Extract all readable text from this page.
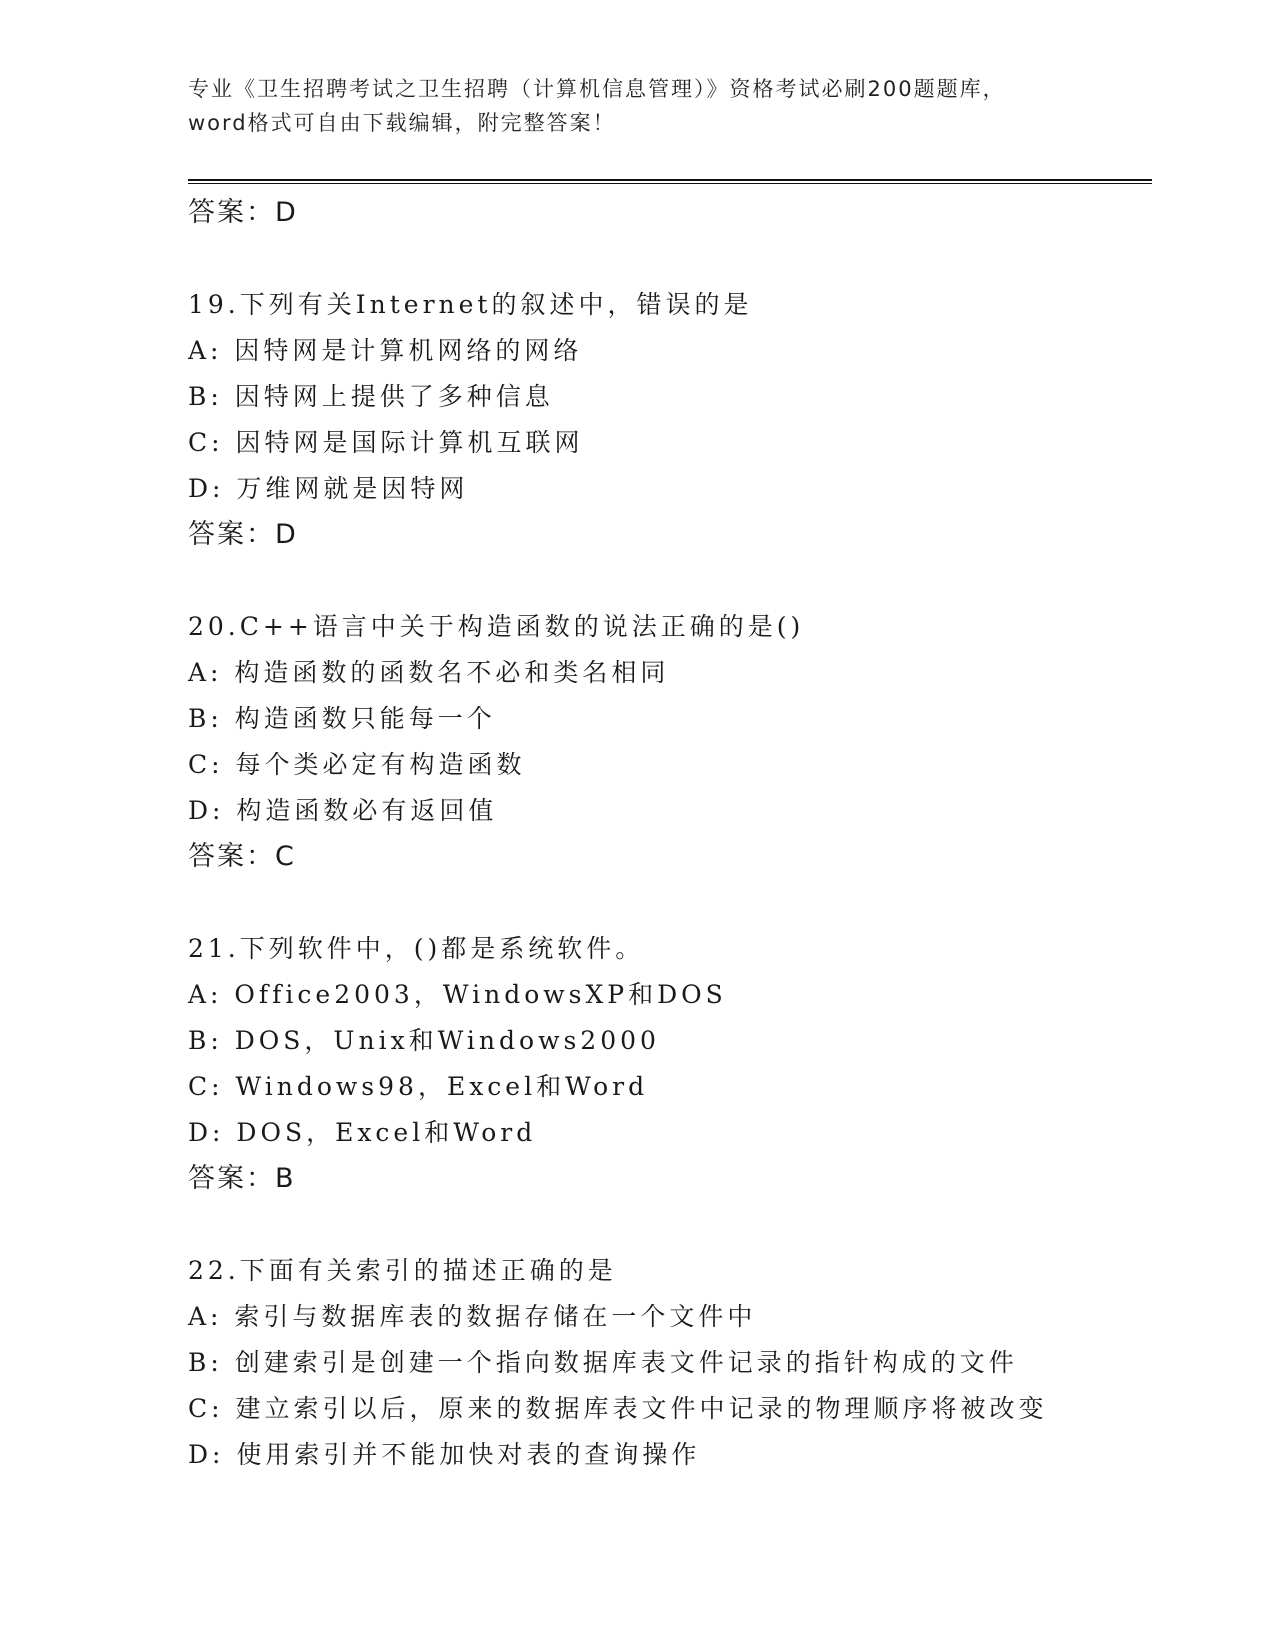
专业《卫生招聘考试之卫生招聘（计算机信息管理）》资格考试必刷200题题库，
word格式可自由下载编辑，附完整答案！
答案：D
19.下列有关Internet的叙述中，错误的是
A: 因特网是计算机网络的网络
B: 因特网上提供了多种信息
C: 因特网是国际计算机互联网
D: 万维网就是因特网
答案：D
20.C++语言中关于构造函数的说法正确的是()
A: 构造函数的函数名不必和类名相同
B: 构造函数只能每一个
C: 每个类必定有构造函数
D: 构造函数必有返回值
答案：C
21.下列软件中，()都是系统软件。
A: Office2003，WindowsXP和DOS
B: DOS，Unix和Windows2000
C: Windows98，Excel和Word
D: DOS，Excel和Word
答案：B
22.下面有关索引的描述正确的是
A: 索引与数据库表的数据存储在一个文件中
B: 创建索引是创建一个指向数据库表文件记录的指针构成的文件
C: 建立索引以后，原来的数据库表文件中记录的物理顺序将被改变
D: 使用索引并不能加快对表的查询操作
